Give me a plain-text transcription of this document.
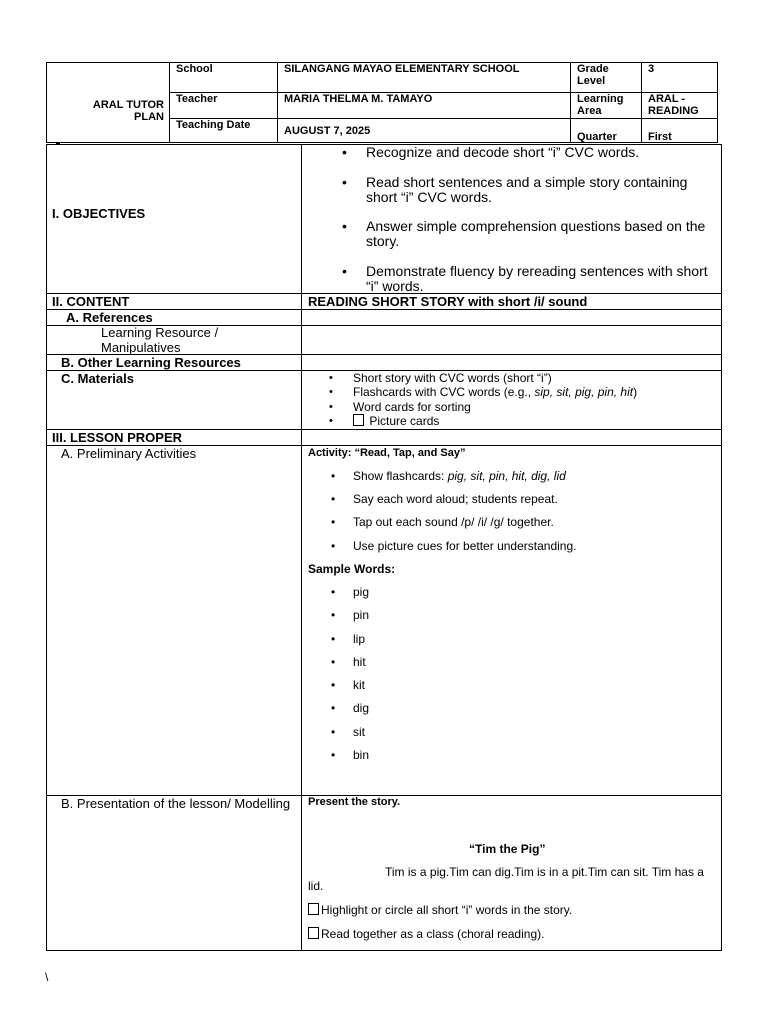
ARAL TUTOR PLAN
School	SILANGANG MAYAO ELEMENTARY SCHOOL	Grade Level
3
Teacher	MARIA THELMA M. TAMAYO	Learning Area
ARAL - READING
Teaching Date	AUGUST 7, 2025	Quarter	First
I. OBJECTIVES
• Recognize and decode short “i” CVC words.
• Read short sentences and a simple story containing short “i” CVC words.
• Answer simple comprehension questions based on the story.
• Demonstrate fluency by rereading sentences with short “i” words.
II. CONTENT	READING SHORT STORY with short /i/ sound
A. References
Learning Resource / Manipulatives
B. Other Learning Resources
C. Materials
•	Short story with CVC words (short “i”)
• Flashcards with CVC words (e.g., sip, sit, pig, pin, hit)
• Word cards for sorting
• Picture cards
III. LESSON PROPER
A. Preliminary Activities	Activity: “Read, Tap, and Say”
• Show flashcards: pig, sit, pin, hit, dig, lid
• Say each word aloud; students repeat.
• Tap out each sound /p/ /i/ /g/ together.
• Use picture cues for better understanding.
Sample Words:
• pig
• pin
• lip
• hit
• kit
• dig
• sit
• bin
B. Presentation of the lesson/ Modelling Present the story.
“Tim the Pig”
Tim is a pig.Tim can dig.Tim is in a pit.Tim can sit. Tim has a lid.
Highlight or circle all short “i” words in the story.
Read together as a class (choral reading).
\
